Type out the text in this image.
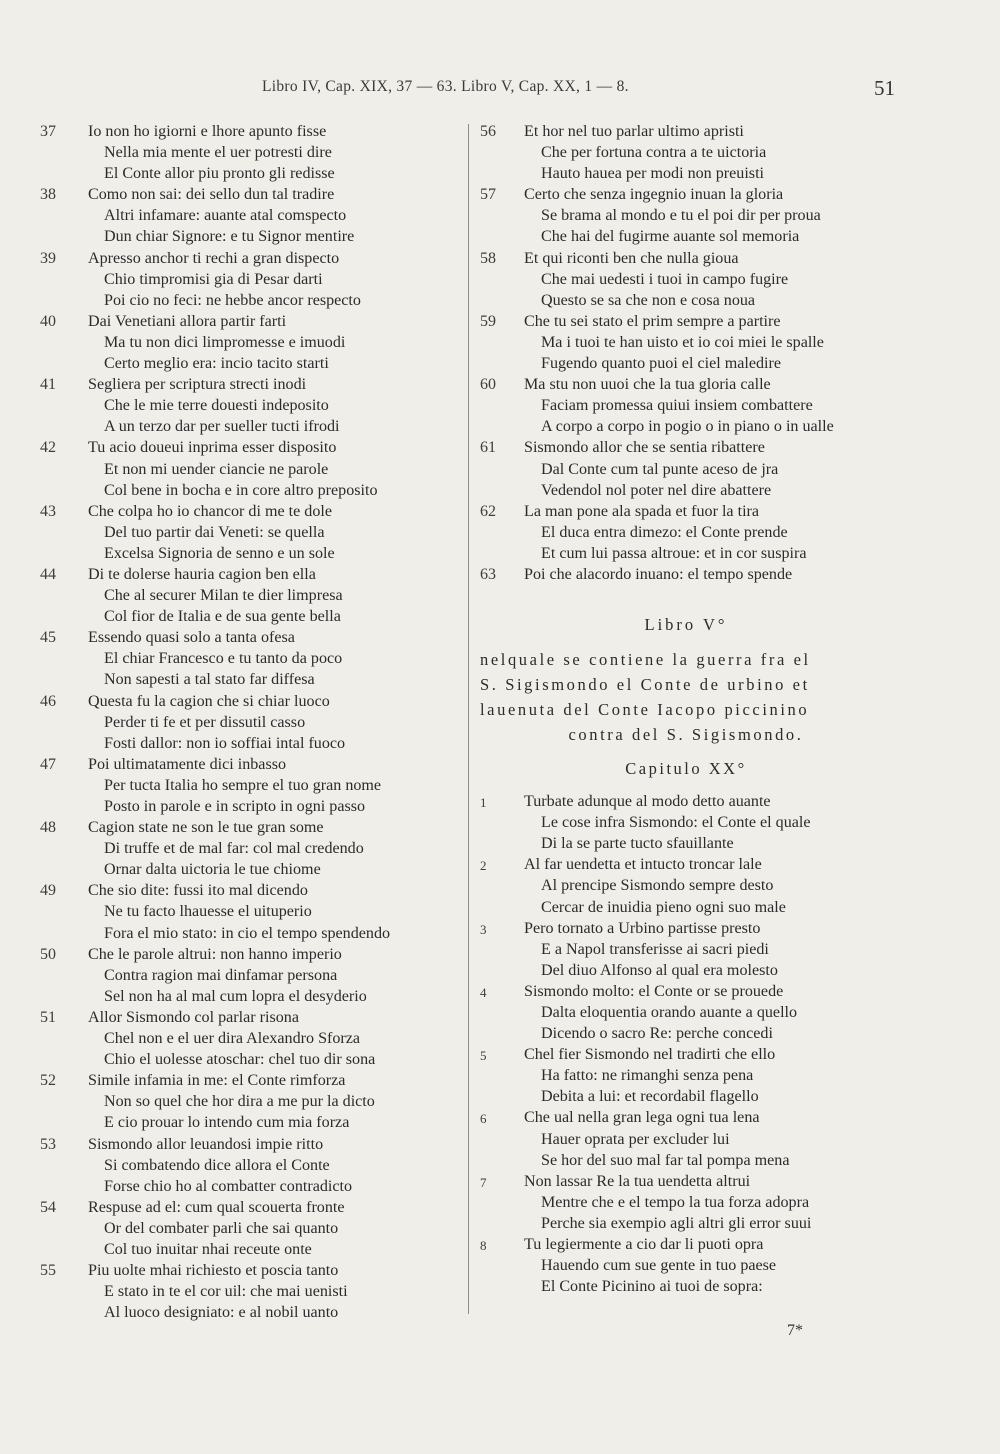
Libro IV, Cap. XIX, 37 — 63. Libro V, Cap. XX, 1 — 8.	51
37	Io non ho igiorni e lhore apunto fisse
Nella mia mente el uer potresti dire
El Conte allor piu pronto gli redisse
38	Como non sai: dei sello dun tal tradire
Altri infamare: auante atal comspecto
Dun chiar Signore: e tu Signor mentire
39	Apresso anchor ti rechi a gran dispecto
Chio timpromisi gia di Pesar darti
Poi cio no feci: ne hebbe ancor respecto
40	Dai Venetiani allora partir farti
Ma tu non dici limpromesse e imuodi
Certo meglio era: incio tacito starti
41	Segliera per scriptura strecti inodi
Che le mie terre douesti indeposito
A un terzo dar per sueller tucti ifrodi
42	Tu acio doueui inprima esser disposito
Et non mi uender ciancie ne parole
Col bene in bocha e in core altro preposito
43	Che colpa ho io chancor di me te dole
Del tuo partir dai Veneti: se quella
Excelsa Signoria de senno e un sole
44	Di te dolerse hauria cagion ben ella
Che al securer Milan te dier limpresa
Col fior de Italia e de sua gente bella
45	Essendo quasi solo a tanta ofesa
El chiar Francesco e tu tanto da poco
Non sapesti a tal stato far diffesa
46	Questa fu la cagion che si chiar luoco
Perder ti fe et per dissutil casso
Fosti dallor: non io soffiai intal fuoco
47	Poi ultimatamente dici inbasso
Per tucta Italia ho sempre el tuo gran nome
Posto in parole e in scripto in ogni passo
48	Cagion state ne son le tue gran some
Di truffe et de mal far: col mal credendo
Ornar dalta uictoria le tue chiome
49	Che sio dite: fussi ito mal dicendo
Ne tu facto lhauesse el uituperio
Fora el mio stato: in cio el tempo spendendo
50	Che le parole altrui: non hanno imperio
Contra ragion mai dinfamar persona
Sel non ha al mal cum lopra el desyderio
51	Allor Sismondo col parlar risona
Chel non e el uer dira Alexandro Sforza
Chio el uolesse atoschar: chel tuo dir sona
52	Simile infamia in me: el Conte rimforza
Non so quel che hor dira a me pur la dicto
E cio prouar lo intendo cum mia forza
53	Sismondo allor leuandosi impie ritto
Si combatendo dice allora el Conte
Forse chio ho al combatter contradicto
54	Respuse ad el: cum qual scouerta fronte
Or del combater parli che sai quanto
Col tuo inuitar nhai receute onte
55	Piu uolte mhai richiesto et poscia tanto
E stato in te el cor uil: che mai uenisti
Al luoco designiato: e al nobil uanto
56	Et hor nel tuo parlar ultimo apristi
Che per fortuna contra a te uictoria
Hauto hauea per modi non preuisti
57	Certo che senza ingegnio inuan la gloria
Se brama al mondo e tu el poi dir per proua
Che hai del fugirme auante sol memoria
58	Et qui riconti ben che nulla gioua
Che mai uedesti i tuoi in campo fugire
Questo se sa che non e cosa noua
59	Che tu sei stato el prim sempre a partire
Ma i tuoi te han uisto et io coi miei le spalle
Fugendo quanto puoi el ciel maledire
60	Ma stu non uuoi che la tua gloria calle
Faciam promessa quiui insiem combattere
A corpo a corpo in pogio o in piano o in ualle
61	Sismondo allor che se sentia ribattere
Dal Conte cum tal punte aceso de jra
Vedendol nol poter nel dire abattere
62	La man pone ala spada et fuor la tira
El duca entra dimezo: el Conte prende
Et cum lui passa altroue: et in cor suspira
63	Poi che alacordo inuano: el tempo spende
Libro V°
nelquale se contiene la guerra fra el
S. Sigismondo el Conte de urbino et
lauenuta del Conte Iacopo piccinino
contra del S. Sigismondo.
Capitulo XX°
1	Turbate adunque al modo detto auante
Le cose infra Sismondo: el Conte el quale
Di la se parte tucto sfauillante
2	Al far uendetta et intucto troncar lale
Al prencipe Sismondo sempre desto
Cercar de inuidia pieno ogni suo male
3	Pero tornato a Urbino partisse presto
E a Napol transferisse ai sacri piedi
Del diuo Alfonso al qual era molesto
4	Sismondo molto: el Conte or se prouede
Dalta eloquentia orando auante a quello
Dicendo o sacro Re: perche concedi
5	Chel fier Sismondo nel tradirti che ello
Ha fatto: ne rimanghi senza pena
Debita a lui: et recordabil flagello
6	Che ual nella gran lega ogni tua lena
Hauer oprata per excluder lui
Se hor del suo mal far tal pompa mena
7	Non lassar Re la tua uendetta altrui
Mentre che e el tempo la tua forza adopra
Perche sia exempio agli altri gli error suui
8	Tu legiermente a cio dar li puoti opra
Hauendo cum sue gente in tuo paese
El Conte Picinino ai tuoi de sopra:
7*
